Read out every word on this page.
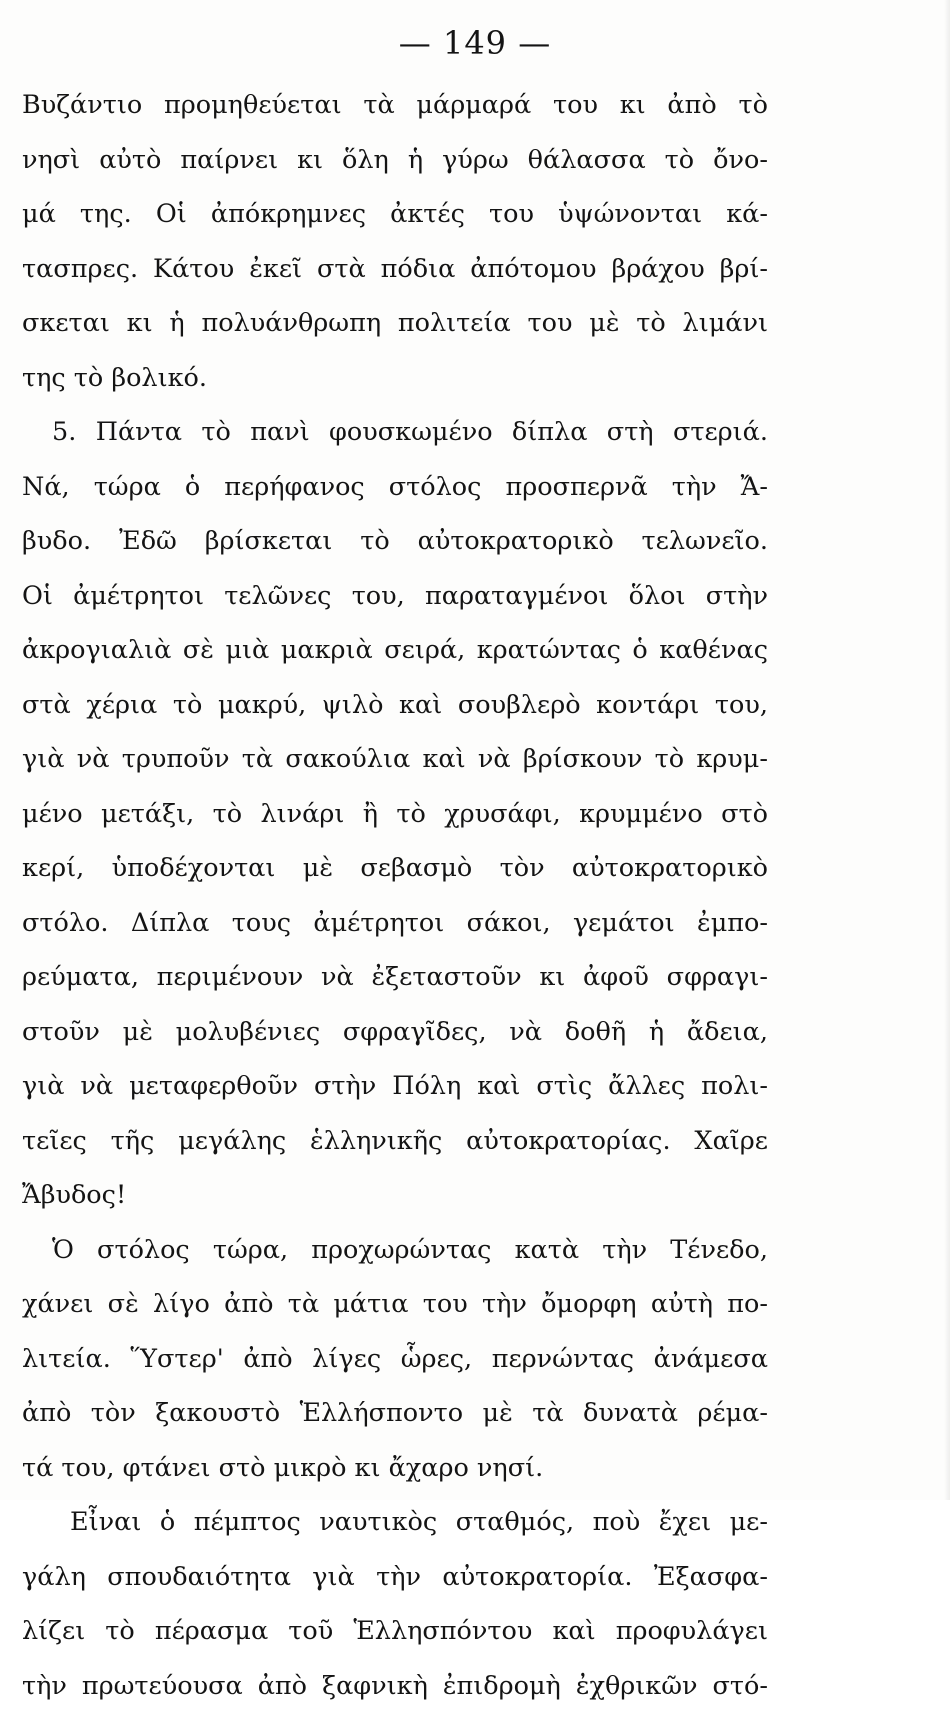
— 149 —
Βυζάντιο προμηθεύεται τὰ μάρμαρά του κι ἀπὸ τὸ
νησὶ αὐτὸ παίρνει κι ὅλη ἡ γύρω θάλασσα τὸ ὄνο-
μά της. Οἱ ἀπόκρημνες ἀκτές του ὑψώνονται κά-
τασπρες. Κάτου ἐκεῖ στὰ πόδια ἀπότομου βράχου βρί-
σκεται κι ἡ πολυάνθρωπη πολιτεία του μὲ τὸ λιμάνι
της τὸ βολικό.
5. Πάντα τὸ πανὶ φουσκωμένο δίπλα στὴ στεριά.
Νά, τώρα ὁ περήφανος στόλος προσπερνᾶ τὴν Ἄ-
βυδο. Ἐδῶ βρίσκεται τὸ αὐτοκρατορικὸ τελωνεῖο.
Οἱ ἀμέτρητοι τελῶνες του, παραταγμένοι ὅλοι στὴν
ἀκρογιαλιὰ σὲ μιὰ μακριὰ σειρά, κρατώντας ὁ καθένας
στὰ χέρια τὸ μακρύ, ψιλὸ καὶ σουβλερὸ κοντάρι του,
γιὰ νὰ τρυποῦν τὰ σακούλια καὶ νὰ βρίσκουν τὸ κρυμ-
μένο μετάξι, τὸ λινάρι ἢ τὸ χρυσάφι, κρυμμένο στὸ
κερί, ὑποδέχονται μὲ σεβασμὸ τὸν αὐτοκρατορικὸ
στόλο. Δίπλα τους ἀμέτρητοι σάκοι, γεμάτοι ἐμπο-
ρεύματα, περιμένουν νὰ ἐξεταστοῦν κι ἀφοῦ σφραγι-
στοῦν μὲ μολυβένιες σφραγῖδες, νὰ δοθῆ ἡ ἄδεια,
γιὰ νὰ μεταφερθοῦν στὴν Πόλη καὶ στὶς ἄλλες πολι-
τεῖες τῆς μεγάλης ἑλληνικῆς αὐτοκρατορίας. Χαῖρε
Ἄβυδος!
Ὁ στόλος τώρα, προχωρώντας κατὰ τὴν Τένεδο,
χάνει σὲ λίγο ἀπὸ τὰ μάτια του τὴν ὄμορφη αὐτὴ πο-
λιτεία. Ὕστερ' ἀπὸ λίγες ὧρες, περνώντας ἀνάμεσα
ἀπὸ τὸν ξακουστὸ Ἑλλήσποντο μὲ τὰ δυνατὰ ρέμα-
τά του, φτάνει στὸ μικρὸ κι ἄχαρο νησί.
Εἶναι ὁ πέμπτος ναυτικὸς σταθμός, ποὺ ἔχει με-
γάλη σπουδαιότητα γιὰ τὴν αὐτοκρατορία. Ἐξασφα-
λίζει τὸ πέρασμα τοῦ Ἑλλησπόντου καὶ προφυλάγει
τὴν πρωτεύουσα ἀπὸ ξαφνικὴ ἐπιδρομὴ ἐχθρικῶν στό-
